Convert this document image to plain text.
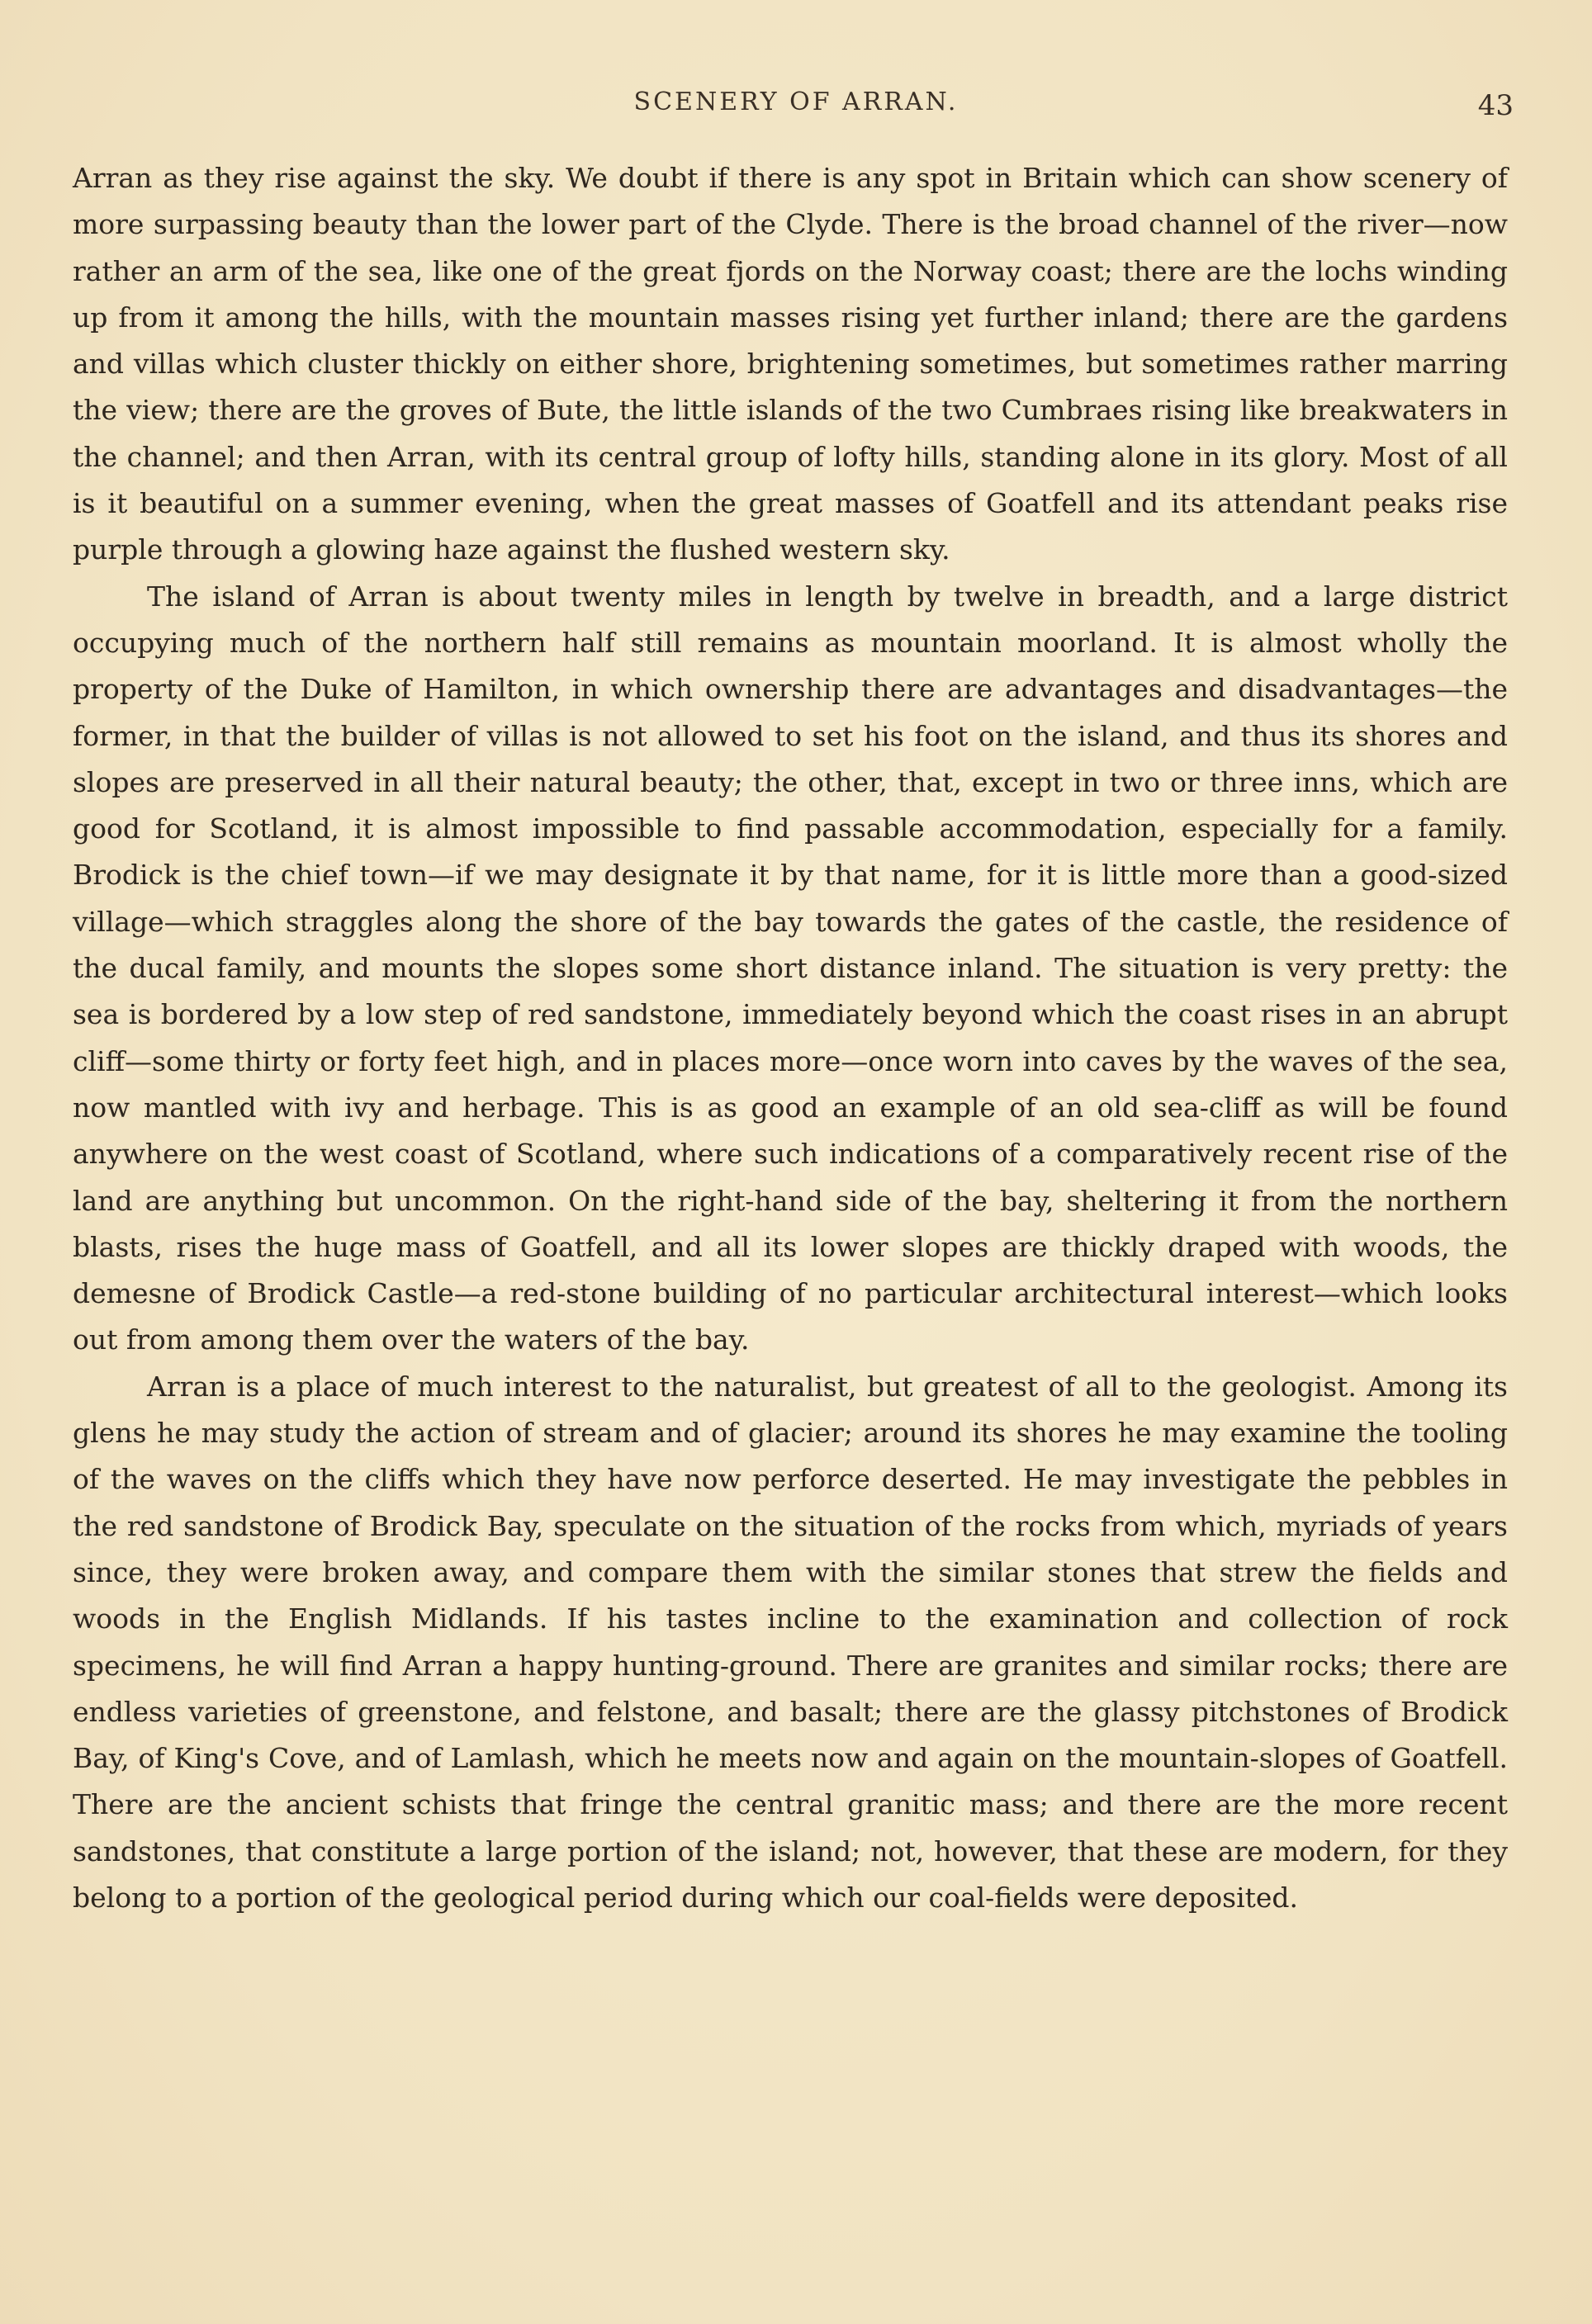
SCENERY OF ARRAN.	43

Arran as they rise against the sky. We doubt if there is any spot in Britain which can show scenery of more surpassing beauty than the lower part of the Clyde. There is the broad channel of the river—now rather an arm of the sea, like one of the great fjords on the Norway coast; there are the lochs winding up from it among the hills, with the mountain masses rising yet further inland; there are the gardens and villas which cluster thickly on either shore, brightening sometimes, but sometimes rather marring the view; there are the groves of Bute, the little islands of the two Cumbraes rising like breakwaters in the channel; and then Arran, with its central group of lofty hills, standing alone in its glory. Most of all is it beautiful on a summer evening, when the great masses of Goatfell and its attendant peaks rise purple through a glowing haze against the flushed western sky.

The island of Arran is about twenty miles in length by twelve in breadth, and a large district occupying much of the northern half still remains as mountain moorland. It is almost wholly the property of the Duke of Hamilton, in which ownership there are advantages and disadvantages—the former, in that the builder of villas is not allowed to set his foot on the island, and thus its shores and slopes are preserved in all their natural beauty; the other, that, except in two or three inns, which are good for Scotland, it is almost impossible to find passable accommodation, especially for a family. Brodick is the chief town—if we may designate it by that name, for it is little more than a good-sized village—which straggles along the shore of the bay towards the gates of the castle, the residence of the ducal family, and mounts the slopes some short distance inland. The situation is very pretty: the sea is bordered by a low step of red sandstone, immediately beyond which the coast rises in an abrupt cliff—some thirty or forty feet high, and in places more—once worn into caves by the waves of the sea, now mantled with ivy and herbage. This is as good an example of an old sea-cliff as will be found anywhere on the west coast of Scotland, where such indications of a comparatively recent rise of the land are anything but uncommon. On the right-hand side of the bay, sheltering it from the northern blasts, rises the huge mass of Goatfell, and all its lower slopes are thickly draped with woods, the demesne of Brodick Castle—a red-stone building of no particular architectural interest—which looks out from among them over the waters of the bay.

Arran is a place of much interest to the naturalist, but greatest of all to the geologist. Among its glens he may study the action of stream and of glacier; around its shores he may examine the tooling of the waves on the cliffs which they have now perforce deserted. He may investigate the pebbles in the red sandstone of Brodick Bay, speculate on the situation of the rocks from which, myriads of years since, they were broken away, and compare them with the similar stones that strew the fields and woods in the English Midlands. If his tastes incline to the examination and collection of rock specimens, he will find Arran a happy hunting-ground. There are granites and similar rocks; there are endless varieties of greenstone, and felstone, and basalt; there are the glassy pitchstones of Brodick Bay, of King's Cove, and of Lamlash, which he meets now and again on the mountain-slopes of Goatfell. There are the ancient schists that fringe the central granitic mass; and there are the more recent sandstones, that constitute a large portion of the island; not, however, that these are modern, for they belong to a portion of the geological period during which our coal-fields were deposited.
